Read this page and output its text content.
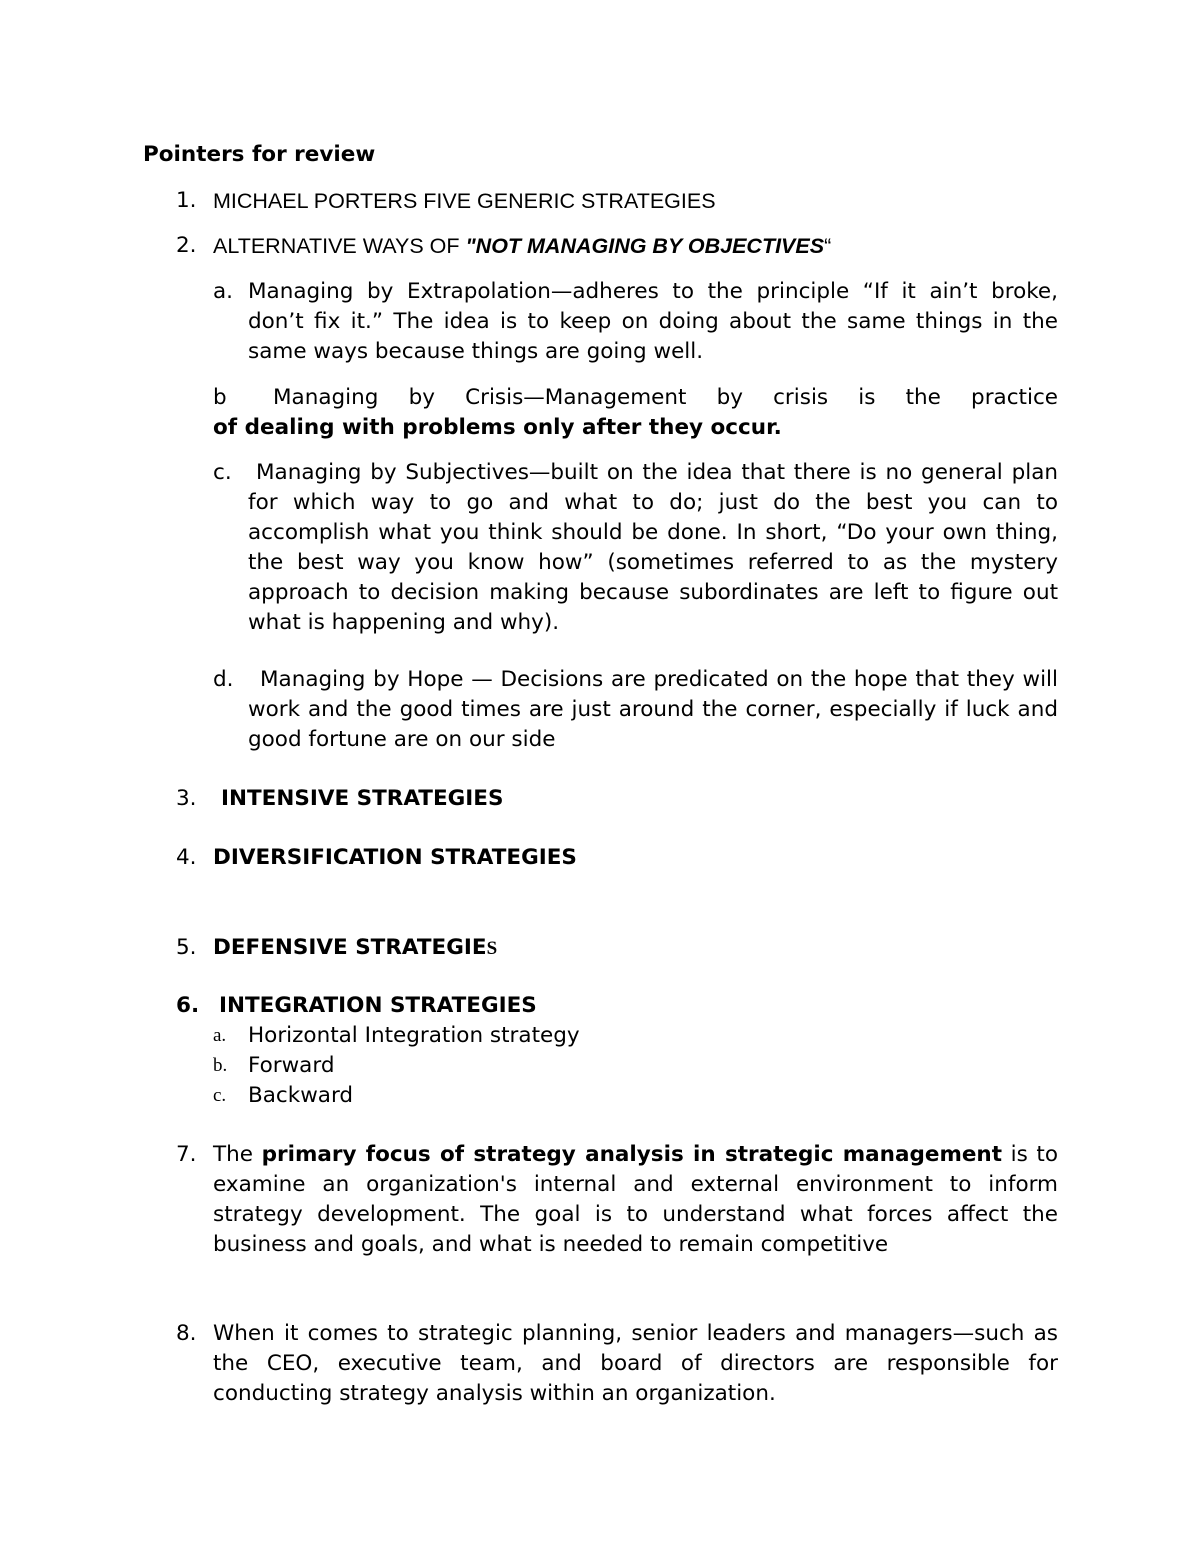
Pointers for review
1. MICHAEL PORTERS FIVE GENERIC STRATEGIES
2. ALTERNATIVE WAYS OF "NOT MANAGING BY OBJECTIVES“
a. Managing by Extrapolation—adheres to the principle “If it ain’t broke, don’t fix it.” The idea is to keep on doing about the same things in the same ways because things are going well.

b Managing by Crisis—Management by crisis is the practice

of dealing with problems only after they occur.

c.	Managing by Subjectives—built on the idea that there is no general plan for which way to go and what to do; just do the best you can to accomplish what you think should be done. In short, “Do your own thing, the best way you know how” (sometimes referred to as the mystery approach to decision making because subordinates are left to figure out what is happening and why).

d.	Managing by Hope — Decisions are predicated on the hope that they will work and the good times are just around the corner, especially if luck and good fortune are on our side

3. INTENSIVE STRATEGIES
4. DIVERSIFICATION STRATEGIES
5. DEFENSIVE STRATEGIES
6. INTEGRATION STRATEGIES
a. Horizontal Integration strategy
b. Forward
c. Backward
7. The primary focus of strategy analysis in strategic management is to examine an organization's internal and external environment to inform strategy development. The goal is to understand what forces affect the business and goals, and what is needed to remain competitive

8. When it comes to strategic planning, senior leaders and managers—such as the CEO, executive team, and board of directors are responsible for conducting strategy analysis within an organization.
